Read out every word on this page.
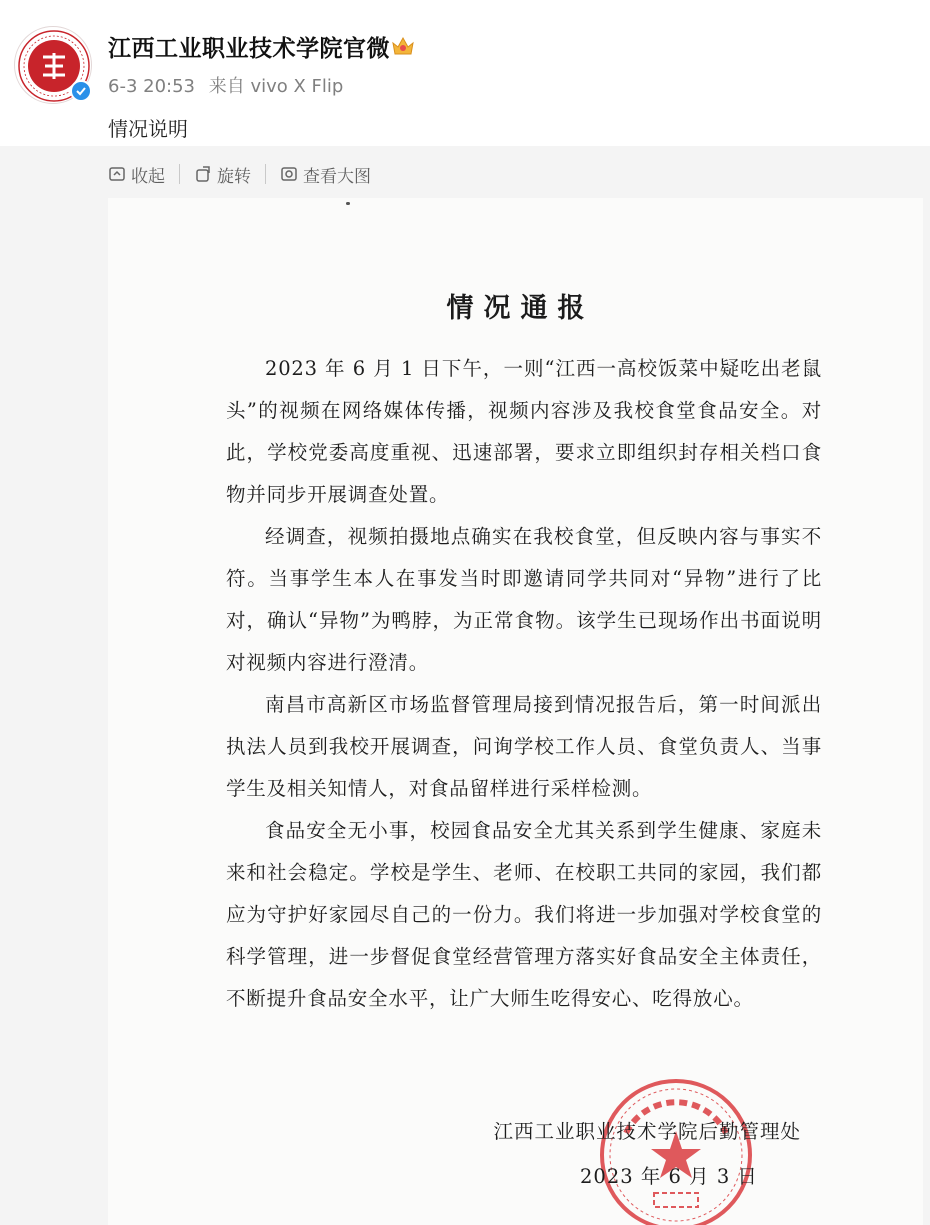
江西工业职业技术学院官微
6-3 20:53 来自 vivo X Flip
情况说明
收起	旋转	查看大图
情况通报

2023 年 6 月 1 日下午，一则“江西一高校饭菜中疑吃出老鼠头”的视频在网络媒体传播，视频内容涉及我校食堂食品安全。对此，学校党委高度重视、迅速部署，要求立即组织封存相关档口食物并同步开展调查处置。

经调查，视频拍摄地点确实在我校食堂，但反映内容与事实不符。当事学生本人在事发当时即邀请同学共同对“异物”进行了比对，确认“异物”为鸭脖，为正常食物。该学生已现场作出书面说明对视频内容进行澄清。

南昌市高新区市场监督管理局接到情况报告后，第一时间派出执法人员到我校开展调查，问询学校工作人员、食堂负责人、当事学生及相关知情人，对食品留样进行采样检测。

食品安全无小事，校园食品安全尤其关系到学生健康、家庭未来和社会稳定。学校是学生、老师、在校职工共同的家园，我们都应为守护好家园尽自己的一份力。我们将进一步加强对学校食堂的科学管理，进一步督促食堂经营管理方落实好食品安全主体责任，不断提升食品安全水平，让广大师生吃得安心、吃得放心。

江西工业职业技术学院后勤管理处
2023 年 6 月 3 日
